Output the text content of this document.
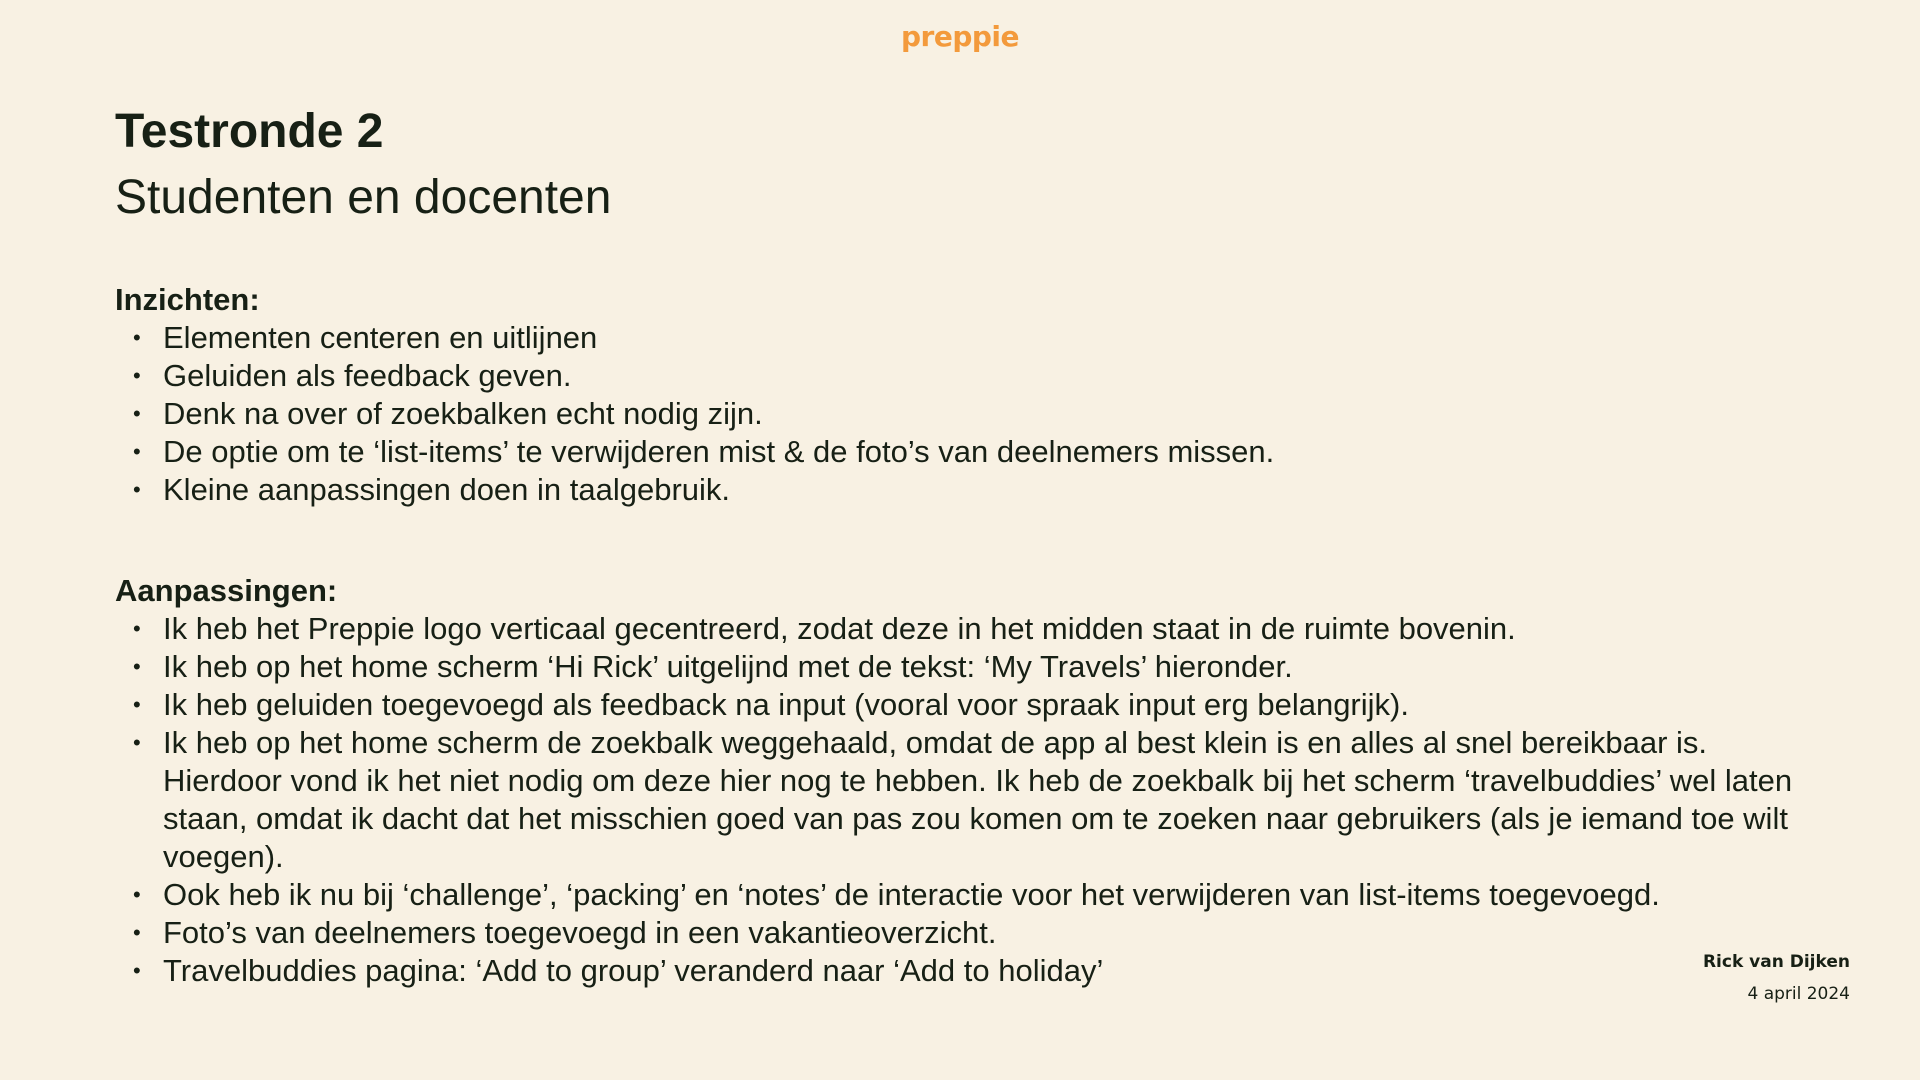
preppie
Testronde 2
Studenten en docenten
Inzichten:
• Elementen centeren en uitlijnen
• Geluiden als feedback geven.
• Denk na over of zoekbalken echt nodig zijn.
• De optie om te ‘list-items’ te verwijderen mist & de foto’s van deelnemers missen.
• Kleine aanpassingen doen in taalgebruik.
Aanpassingen:
• Ik heb het Preppie logo verticaal gecentreerd, zodat deze in het midden staat in de ruimte bovenin.
• Ik heb op het home scherm ‘Hi Rick’ uitgelijnd met de tekst: ‘My Travels’ hieronder.
• Ik heb geluiden toegevoegd als feedback na input (vooral voor spraak input erg belangrijk).
• Ik heb op het home scherm de zoekbalk weggehaald, omdat de app al best klein is en alles al snel bereikbaar is. Hierdoor vond ik het niet nodig om deze hier nog te hebben. Ik heb de zoekbalk bij het scherm ‘travelbuddies’ wel laten staan, omdat ik dacht dat het misschien goed van pas zou komen om te zoeken naar gebruikers (als je iemand toe wilt voegen).
• Ook heb ik nu bij ‘challenge’, ‘packing’ en ‘notes’ de interactie voor het verwijderen van list-items toegevoegd.
• Foto’s van deelnemers toegevoegd in een vakantieoverzicht.
• Travelbuddies pagina: ‘Add to group’ veranderd naar ‘Add to holiday’	Rick van Dijken
4 april 2024
